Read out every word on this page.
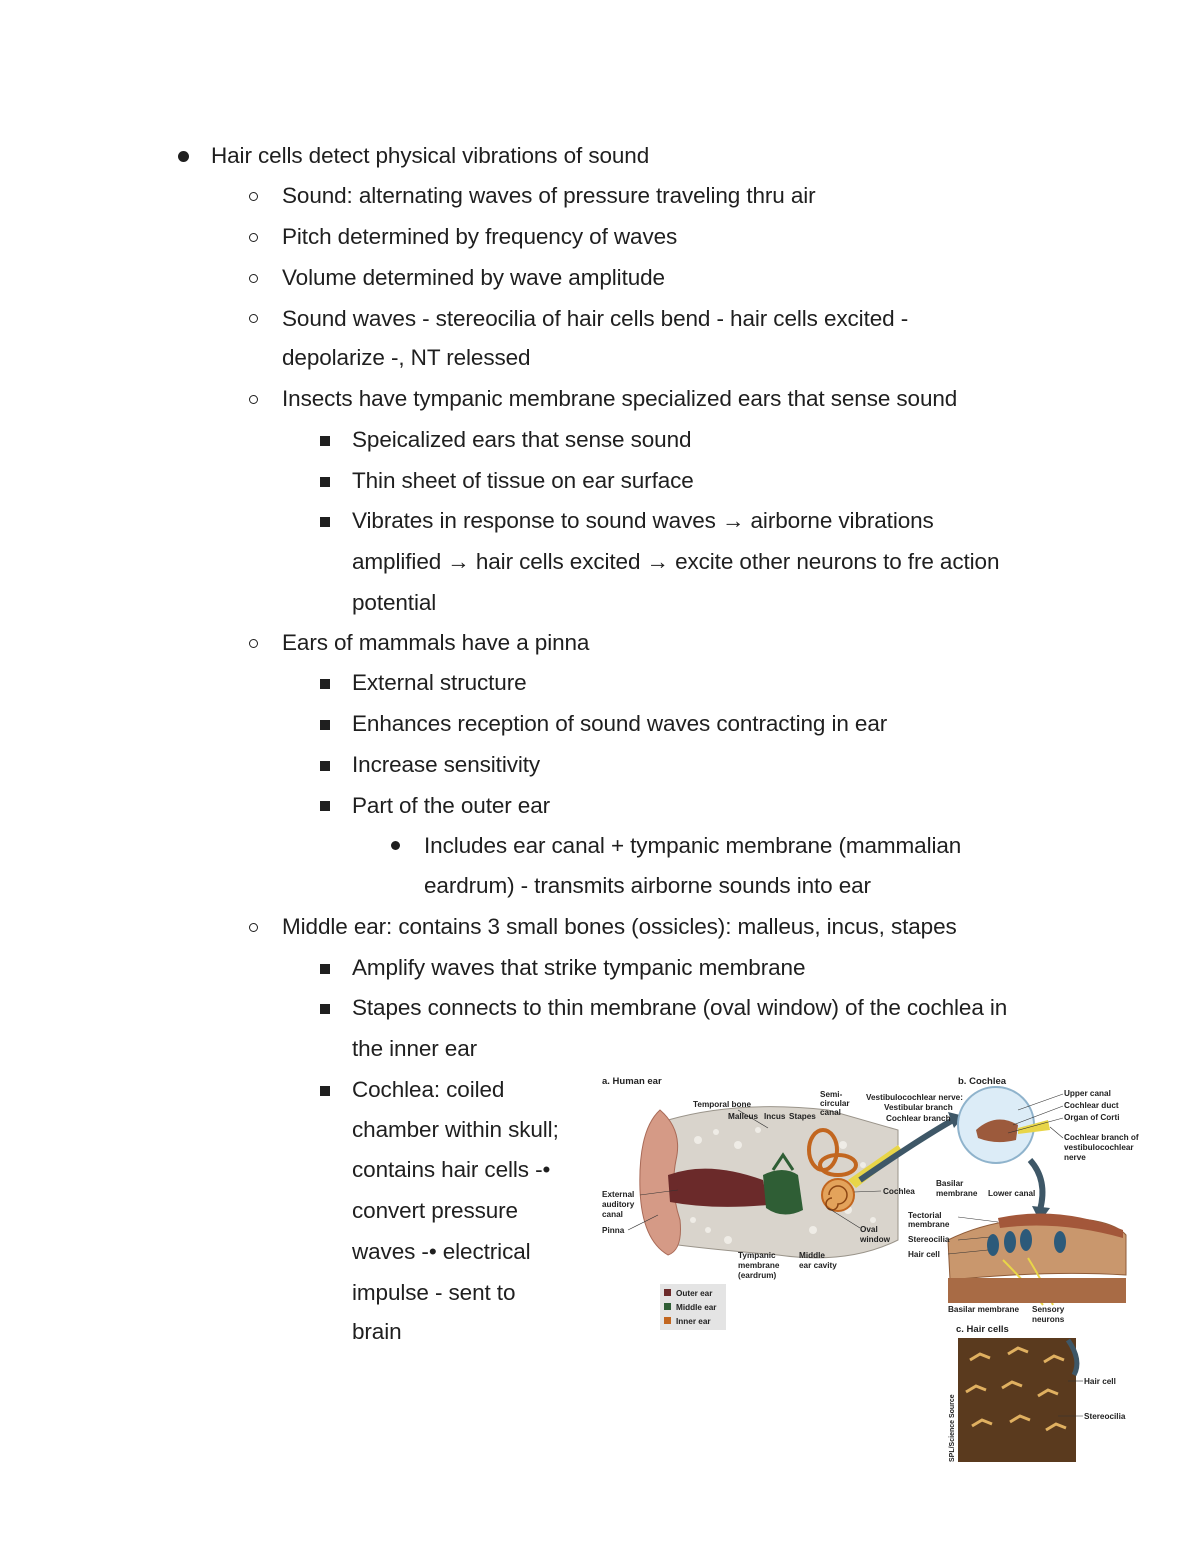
Hair cells detect physical vibrations of sound
Sound: alternating waves of pressure traveling thru air
Pitch determined by frequency of waves
Volume determined by wave amplitude
Sound waves - stereocilia of hair cells bend - hair cells excited -
depolarize -, NT relessed
Insects have tympanic membrane specialized ears that sense sound
Speicalized ears that sense sound
Thin sheet of tissue on ear surface
Vibrates in response to sound waves → airborne vibrations
amplified → hair cells excited → excite other neurons to fre action
potential
Ears of mammals have a pinna
External structure
Enhances reception of sound waves contracting in ear
Increase sensitivity
Part of the outer ear
Includes ear canal + tympanic membrane (mammalian
eardrum) - transmits airborne sounds into ear
Middle ear: contains 3 small bones (ossicles): malleus, incus, stapes
Amplify waves that strike tympanic membrane
Stapes connects to thin membrane (oval window) of the cochlea in
the inner ear
Cochlea: coiled
chamber within skull;
contains hair cells -•
convert pressure
waves -• electrical
impulse - sent to
brain
a. Human ear
Temporal bone
Malleus Incus Stapes
Semi-
circular
canal
Vestibulocochlear nerve:
Vestibular branch
Cochlear branch
External
auditory
canal
Pinna
Cochlea
Oval
window
Tympanic
membrane
(eardrum)
Middle
ear cavity
Outer ear
Middle ear
Inner ear
b. Cochlea
Upper canal
Cochlear duct
Organ of Corti
Cochlear branch of
vestibulocochlear
nerve
Basilar
membrane Lower canal
Tectorial
membrane
Stereocilia
Hair cell
Basilar membrane Sensory
neurons
c. Hair cells
Hair cell
Stereocilia
SPL/Science Source
